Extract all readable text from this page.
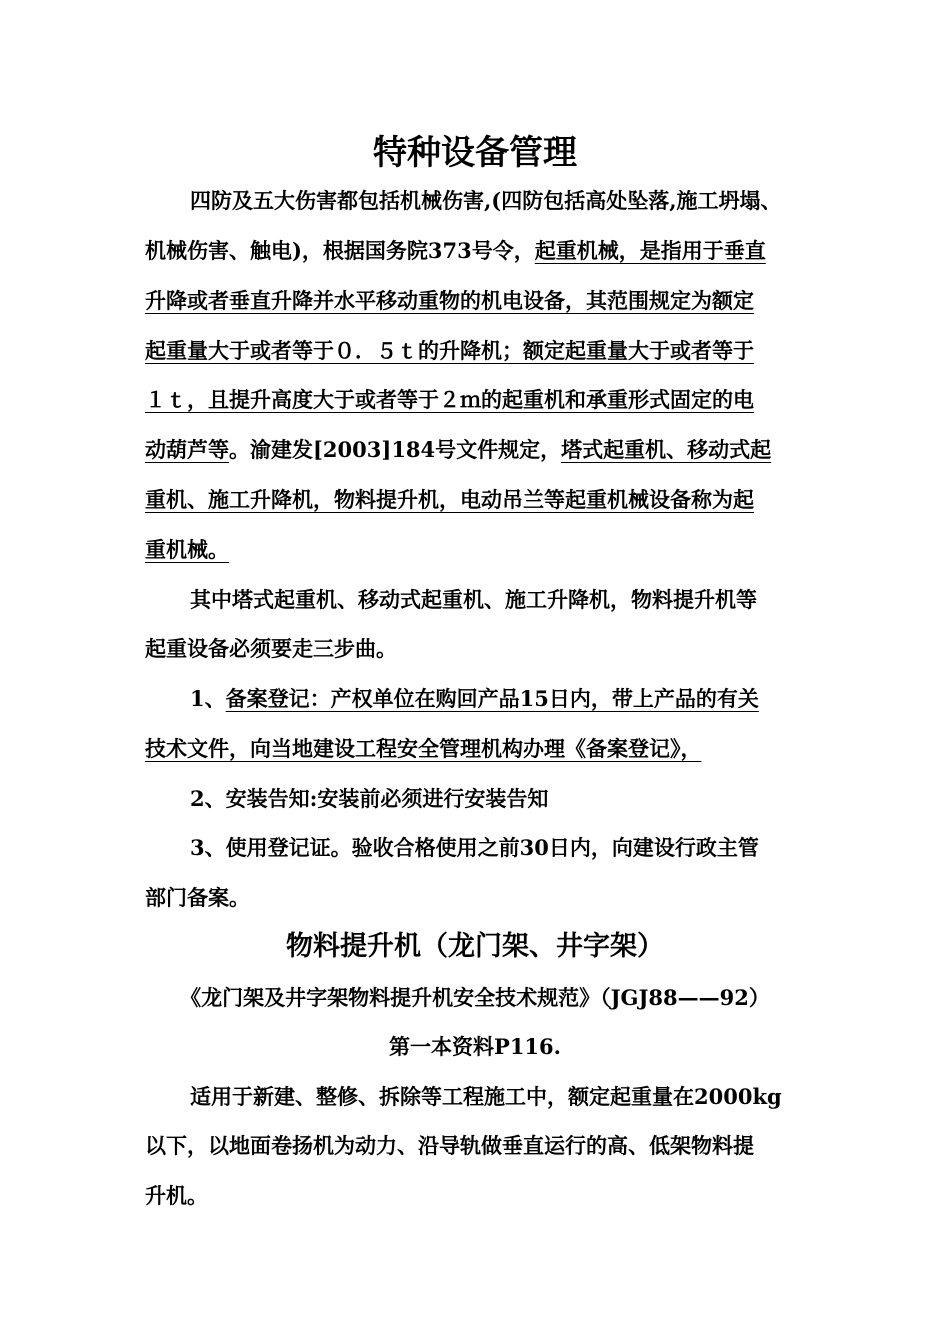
特种设备管理
四防及五大伤害都包括机械伤害,(四防包括高处坠落,施工坍塌、
机械伤害、触电)，根据国务院373号令，起重机械，是指用于垂直
升降或者垂直升降并水平移动重物的机电设备，其范围规定为额定
起重量大于或者等于０．５ｔ的升降机；额定起重量大于或者等于
１ｔ，且提升高度大于或者等于２ｍ的起重机和承重形式固定的电
动葫芦等。渝建发[2003]184号文件规定，塔式起重机、移动式起
重机、施工升降机，物料提升机，电动吊兰等起重机械设备称为起
重机械。
其中塔式起重机、移动式起重机、施工升降机，物料提升机等
起重设备必须要走三步曲。
1、备案登记：产权单位在购回产品15日内，带上产品的有关
技术文件，向当地建设工程安全管理机构办理《备案登记》，
2、安装告知:安装前必须进行安装告知
3、使用登记证。验收合格使用之前30日内，向建设行政主管
部门备案。
物料提升机（龙门架、井字架）
《龙门架及井字架物料提升机安全技术规范》（JGJ88——92）
第一本资料P116.
适用于新建、整修、拆除等工程施工中，额定起重量在2000kg
以下，以地面卷扬机为动力、沿导轨做垂直运行的高、低架物料提
升机。
